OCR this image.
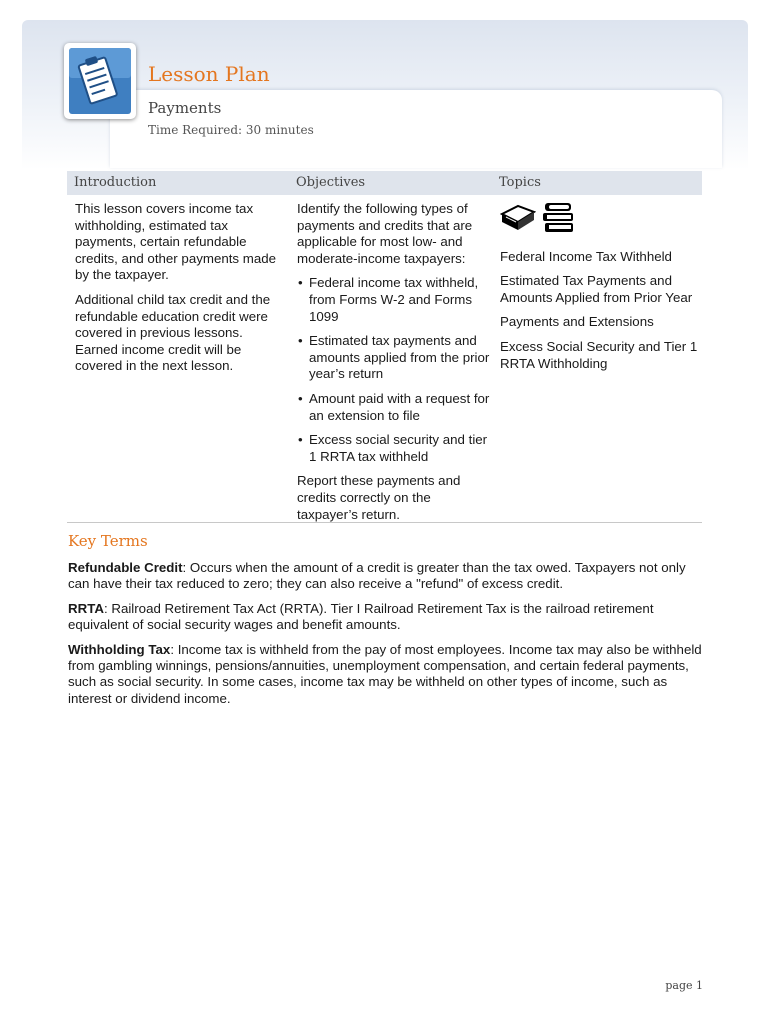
Lesson Plan
Payments
Time Required: 30 minutes
Introduction	Objectives	Topics

This lesson covers income tax withholding, estimated tax payments, certain refundable credits, and other payments made by the taxpayer.

Additional child tax credit and the refundable education credit were covered in previous lessons. Earned income credit will be covered in the next lesson.

Identify the following types of payments and credits that are applicable for most low- and moderate-income taxpayers:

• Federal income tax withheld, from Forms W-2 and Forms 1099
• Estimated tax payments and amounts applied from the prior year’s return
• Amount paid with a request for an extension to file
• Excess social security and tier 1 RRTA tax withheld

Report these payments and credits correctly on the taxpayer’s return.

Federal Income Tax Withheld

Estimated Tax Payments and Amounts Applied from Prior Year

Payments and Extensions

Excess Social Security and Tier 1 RRTA Withholding

Key Terms

Refundable Credit: Occurs when the amount of a credit is greater than the tax owed. Taxpayers not only can have their tax reduced to zero; they can also receive a "refund" of excess credit.

RRTA: Railroad Retirement Tax Act (RRTA). Tier I Railroad Retirement Tax is the railroad retirement equivalent of social security wages and benefit amounts.

Withholding Tax: Income tax is withheld from the pay of most employees. Income tax may also be withheld from gambling winnings, pensions/annuities, unemployment compensation, and certain federal payments, such as social security. In some cases, income tax may be withheld on other types of income, such as interest or dividend income.

page 1
